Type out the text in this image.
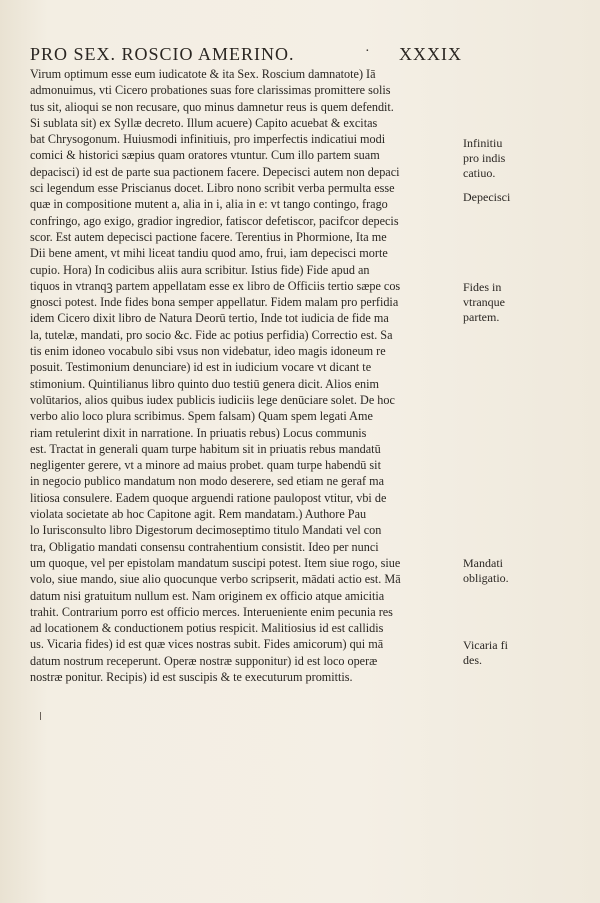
PRO SEX. ROSCIO AMERINO.	· XXXIX
Virum optimum esse eum iudicatote & ita Sex. Roscium damnatote) Iā
admonuimus, vti Cicero probationes suas fore clarissimas promittere solis
tus sit, alioqui se non recusare, quo minus damnetur reus is quem defendit.
Si sublata sit) ex Syllæ decreto. Illum acuere) Capito acuebat & excitas
bat Chrysogonum. Huiusmodi infinitiuis, pro imperfectis indicatiui modi
comici & historici sæpius quam oratores vtuntur. Cum illo partem suam
depacisci) id est de parte sua pactionem facere. Depecisci autem non depaci
sci legendum esse Priscianus docet. Libro nono scribit verba permulta esse
quæ in compositione mutent a, alia in i, alia in e: vt tango contingo, frago
confringo, ago exigo, gradior ingredior, fatiscor defetiscor, pacifcor depecis
scor. Est autem depecisci pactione facere. Terentius in Phormione, Ita me
Dii bene ament, vt mihi liceat tandiu quod amo, frui, iam depecisci morte
cupio. Hora) In codicibus aliis aura scribitur. Istius fide) Fide apud an
tiquos in vtranqꝫ partem appellatam esse ex libro de Officiis tertio sæpe cos
gnosci potest. Inde fides bona semper appellatur. Fidem malam pro perfidia
idem Cicero dixit libro de Natura Deorū tertio, Inde tot iudicia de fide ma
la, tutelæ, mandati, pro socio &c. Fide ac potius perfidia) Correctio est. Sa
tis enim idoneo vocabulo sibi vsus non videbatur, ideo magis idoneum re
posuit. Testimonium denunciare) id est in iudicium vocare vt dicant te
stimonium. Quintilianus libro quinto duo testiū genera dicit. Alios enim
volūtarios, alios quibus iudex publicis iudiciis lege denūciare solet. De hoc
verbo alio loco plura scribimus. Spem falsam) Quam spem legati Ame
riam retulerint dixit in narratione. In priuatis rebus) Locus communis
est. Tractat in generali quam turpe habitum sit in priuatis rebus mandatū
negligenter gerere, vt a minore ad maius probet. quam turpe habendū sit
in negocio publico mandatum non modo deserere, sed etiam ne geraf ma
litiosa consulere. Eadem quoque arguendi ratione paulopost vtitur, vbi de
violata societate ab hoc Capitone agit. Rem mandatam.) Authore Pau
lo Iurisconsulto libro Digestorum decimoseptimo titulo Mandati vel con
tra, Obligatio mandati consensu contrahentium consistit. Ideo per nunci
um quoque, vel per epistolam mandatum suscipi potest. Item siue rogo, siue
volo, siue mando, siue alio quocunque verbo scripserit, mādati actio est. Mā
datum nisi gratuitum nullum est. Nam originem ex officio atque amicitia
trahit. Contrarium porro est officio merces. Interueniente enim pecunia res
ad locationem & conductionem potius respicit. Malitiosius id est callidis
us. Vicaria fides) id est quæ vices nostras subit. Fides amicorum) qui mā
datum nostrum receperunt. Operæ nostræ supponitur) id est loco operæ
nostræ ponitur. Recipis) id est suscipis & te executurum promittis.
Infinitiu
pro indis
catiuo.
Depecisci
Fides in
vtranque
partem.
Mandati
obligatio.
Vicaria fi
des.
